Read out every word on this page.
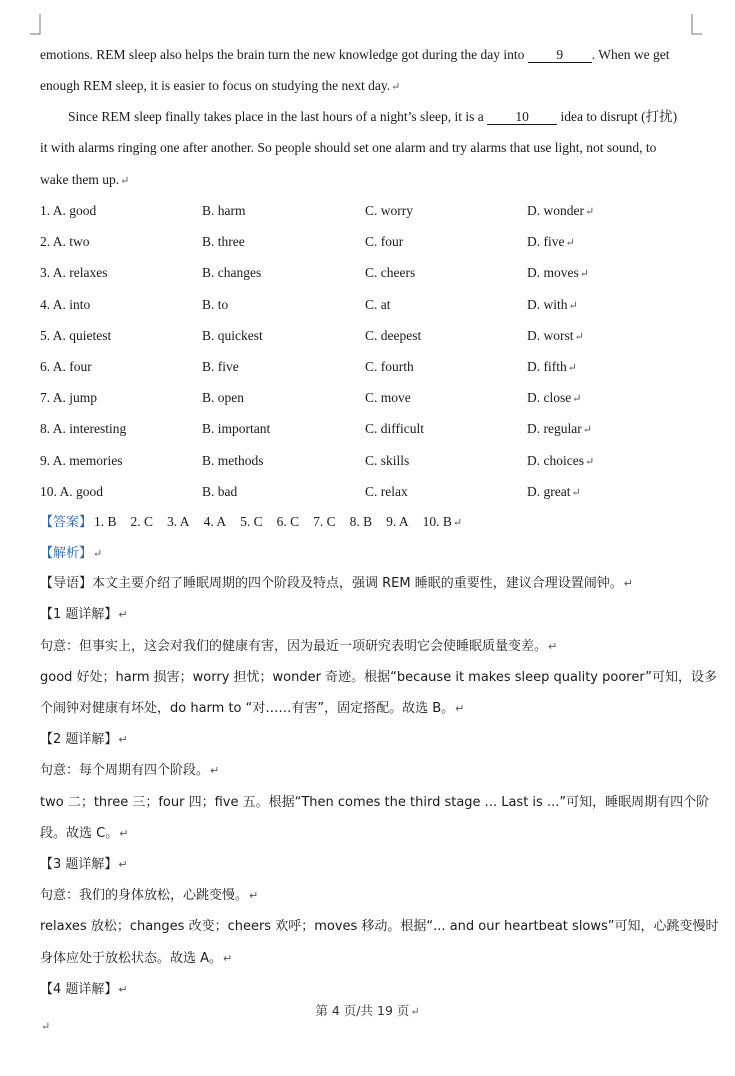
emotions. REM sleep also helps the brain turn the new knowledge got during the day into 9 . When we get
enough REM sleep, it is easier to focus on studying the next day.↵
Since REM sleep finally takes place in the last hours of a night’s sleep, it is a 10 idea to disrupt (打扰)
it with alarms ringing one after another. So people should set one alarm and try alarms that use light, not sound, to
wake them up.↵
1. A. good	B. harm	C. worry	D. wonder↵
2. A. two	B. three	C. four	D. five↵
3. A. relaxes	B. changes	C. cheers	D. moves↵
4. A. into	B. to	C. at	D. with↵
5. A. quietest	B. quickest	C. deepest	D. worst↵
6. A. four	B. five	C. fourth	D. fifth↵
7. A. jump	B. open	C. move	D. close↵
8. A. interesting	B. important	C. difficult	D. regular↵
9. A. memories	B. methods	C. skills	D. choices↵
10. A. good	B. bad	C. relax	D. great↵
【答案】 1. B 2. C 3. A 4. A 5. C 6. C 7. C 8. B 9. A 10. B↵
【解析】↵
【导语】本文主要介绍了睡眠周期的四个阶段及特点，强调 REM 睡眠的重要性，建议合理设置闹钟。↵
【1 题详解】↵
句意：但事实上，这会对我们的健康有害，因为最近一项研究表明它会使睡眠质量变差。↵
good 好处；harm 损害；worry 担忧；wonder 奇迹。根据“because it makes sleep quality poorer”可知，设多
个闹钟对健康有坏处，do harm to “对……有害”，固定搭配。故选 B。↵
【2 题详解】↵
句意：每个周期有四个阶段。↵
two 二；three 三；four 四；five 五。根据“Then comes the third stage ... Last is ...”可知，睡眠周期有四个阶
段。故选 C。↵
【3 题详解】↵
句意：我们的身体放松，心跳变慢。↵
relaxes 放松；changes 改变；cheers 欢呼；moves 移动。根据“... and our heartbeat slows”可知，心跳变慢时
身体应处于放松状态。故选 A。↵
【4 题详解】↵
第 4 页/共 19 页↵
↵
